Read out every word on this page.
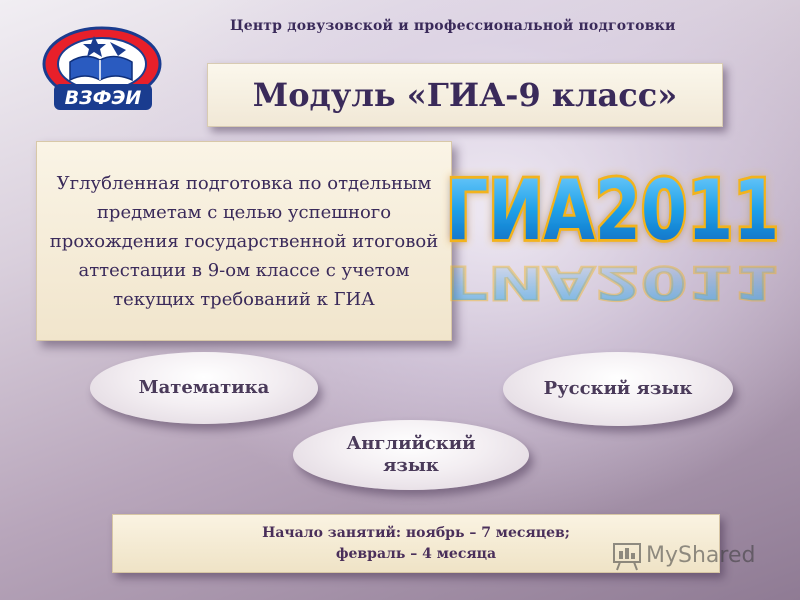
Центр довузовской и профессиональной подготовки
ВЗФЭИ	Модуль «ГИА-9 класс»
Углубленная подготовка по отдельным предметам с целью успешного прохождения государственной итоговой аттестации в 9-ом классе с учетом текущих требований к ГИА
ГИА2011
ГИА2011
Математика	Русский язык
Английский язык
Начало занятий: ноябрь – 7 месяцев;
февраль – 4 месяца	MyShared
